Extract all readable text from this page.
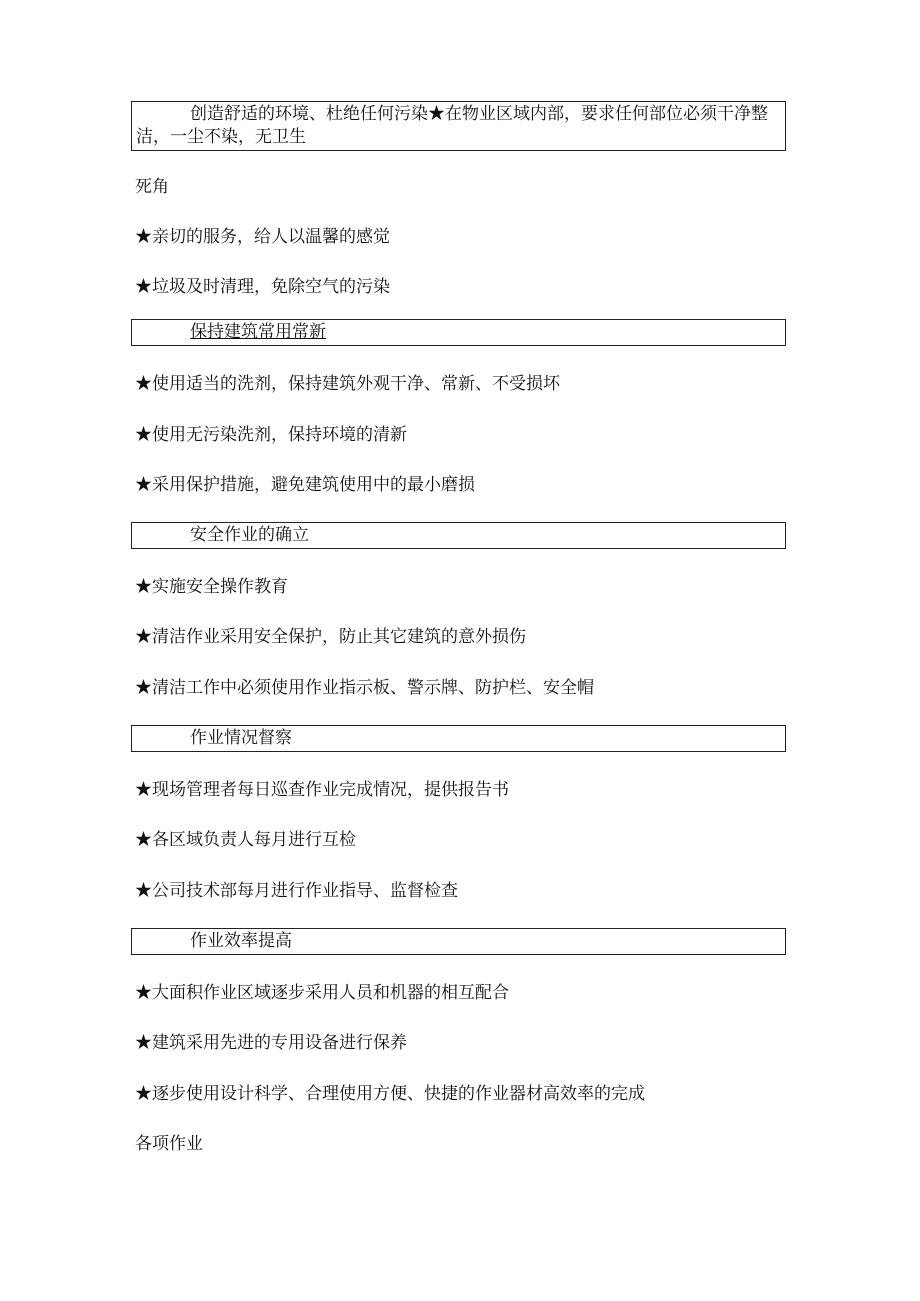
创造舒适的环境、杜绝任何污染★在物业区域内部，要求任何部位必须干净整洁，一尘不染，无卫生
死角
★亲切的服务，给人以温馨的感觉
★垃圾及时清理，免除空气的污染
保持建筑常用常新
★使用适当的洗剂，保持建筑外观干净、常新、不受损坏
★使用无污染洗剂，保持环境的清新
★采用保护措施，避免建筑使用中的最小磨损
安全作业的确立
★实施安全操作教育
★清洁作业采用安全保护，防止其它建筑的意外损伤
★清洁工作中必须使用作业指示板、警示牌、防护栏、安全帽
作业情况督察
★现场管理者每日巡查作业完成情况，提供报告书
★各区域负责人每月进行互检
★公司技术部每月进行作业指导、监督检查
作业效率提高
★大面积作业区域逐步采用人员和机器的相互配合
★建筑采用先进的专用设备进行保养
★逐步使用设计科学、合理使用方便、快捷的作业器材高效率的完成
各项作业
